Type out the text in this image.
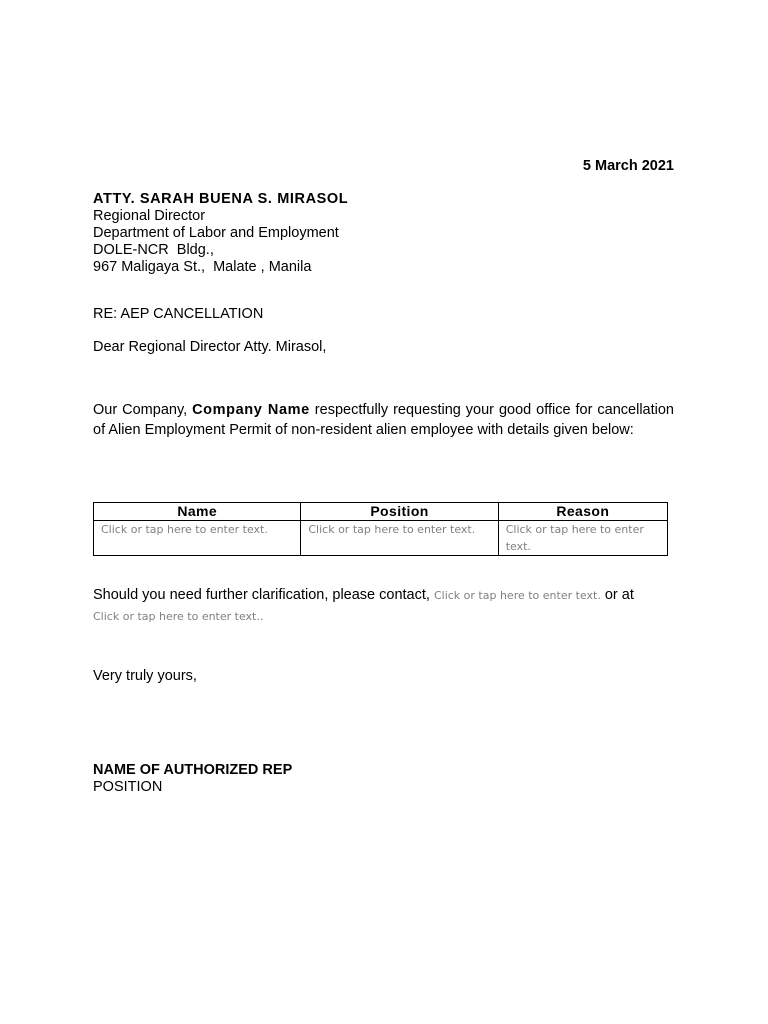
5 March 2021
ATTY. SARAH BUENA S. MIRASOL
Regional Director
Department of Labor and Employment
DOLE-NCR  Bldg.,
967 Maligaya St.,  Malate , Manila
RE: AEP CANCELLATION
Dear Regional Director Atty. Mirasol,
Our Company, Company Name respectfully requesting your good office for cancellation of Alien Employment Permit of non-resident alien employee with details given below:
Name	Position	Reason
Click or tap here to enter text.	Click or tap here to enter text.	Click or tap here to enter text.
Should you need further clarification, please contact, Click or tap here to enter text. or at
Click or tap here to enter text..
Very truly yours,
NAME OF AUTHORIZED REP
POSITION
